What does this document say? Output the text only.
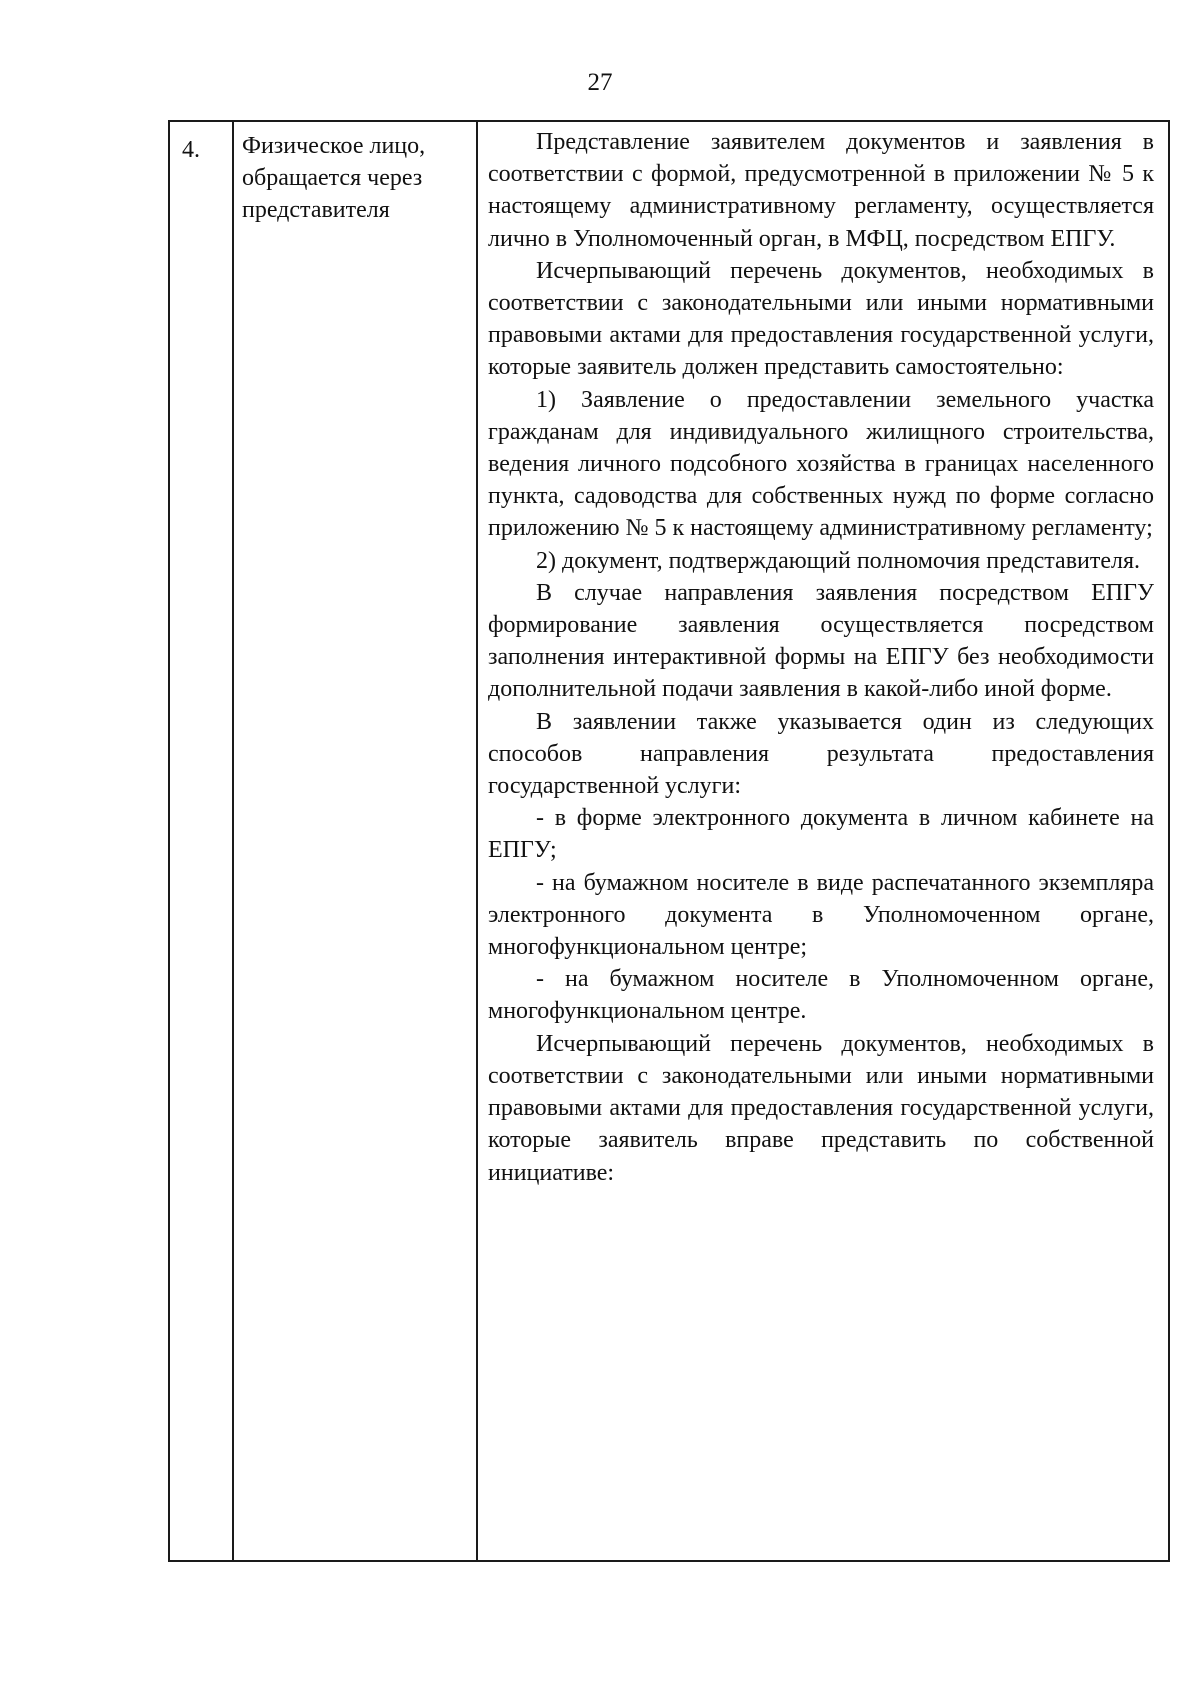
27
4.	Физическое лицо, обращается через представителя

Представление заявителем документов и заявления в соответствии с формой, предусмотренной в приложении № 5 к настоящему административному регламенту, осуществляется лично в Уполномоченный орган, в МФЦ, посредством ЕПГУ.

Исчерпывающий перечень документов, необходимых в соответствии с законодательными или иными нормативными правовыми актами для предоставления государственной услуги, которые заявитель должен представить самостоятельно:

1) Заявление о предоставлении земельного участка гражданам для индивидуального жилищного строительства, ведения личного подсобного хозяйства в границах населенного пункта, садоводства для собственных нужд по форме согласно приложению № 5 к настоящему административному регламенту;

2) документ, подтверждающий полномочия представителя.

В случае направления заявления посредством ЕПГУ формирование заявления осуществляется посредством заполнения интерактивной формы на ЕПГУ без необходимости дополнительной подачи заявления в какой-либо иной форме.

В заявлении также указывается один из следующих способов направления результата предоставления государственной услуги:

- в форме электронного документа в личном кабинете на ЕПГУ;

- на бумажном носителе в виде распечатанного экземпляра электронного документа в Уполномоченном органе, многофункциональном центре;

- на бумажном носителе в Уполномоченном органе, многофункциональном центре.

Исчерпывающий перечень документов, необходимых в соответствии с законодательными или иными нормативными правовыми актами для предоставления государственной услуги, которые заявитель вправе представить по собственной инициативе:
